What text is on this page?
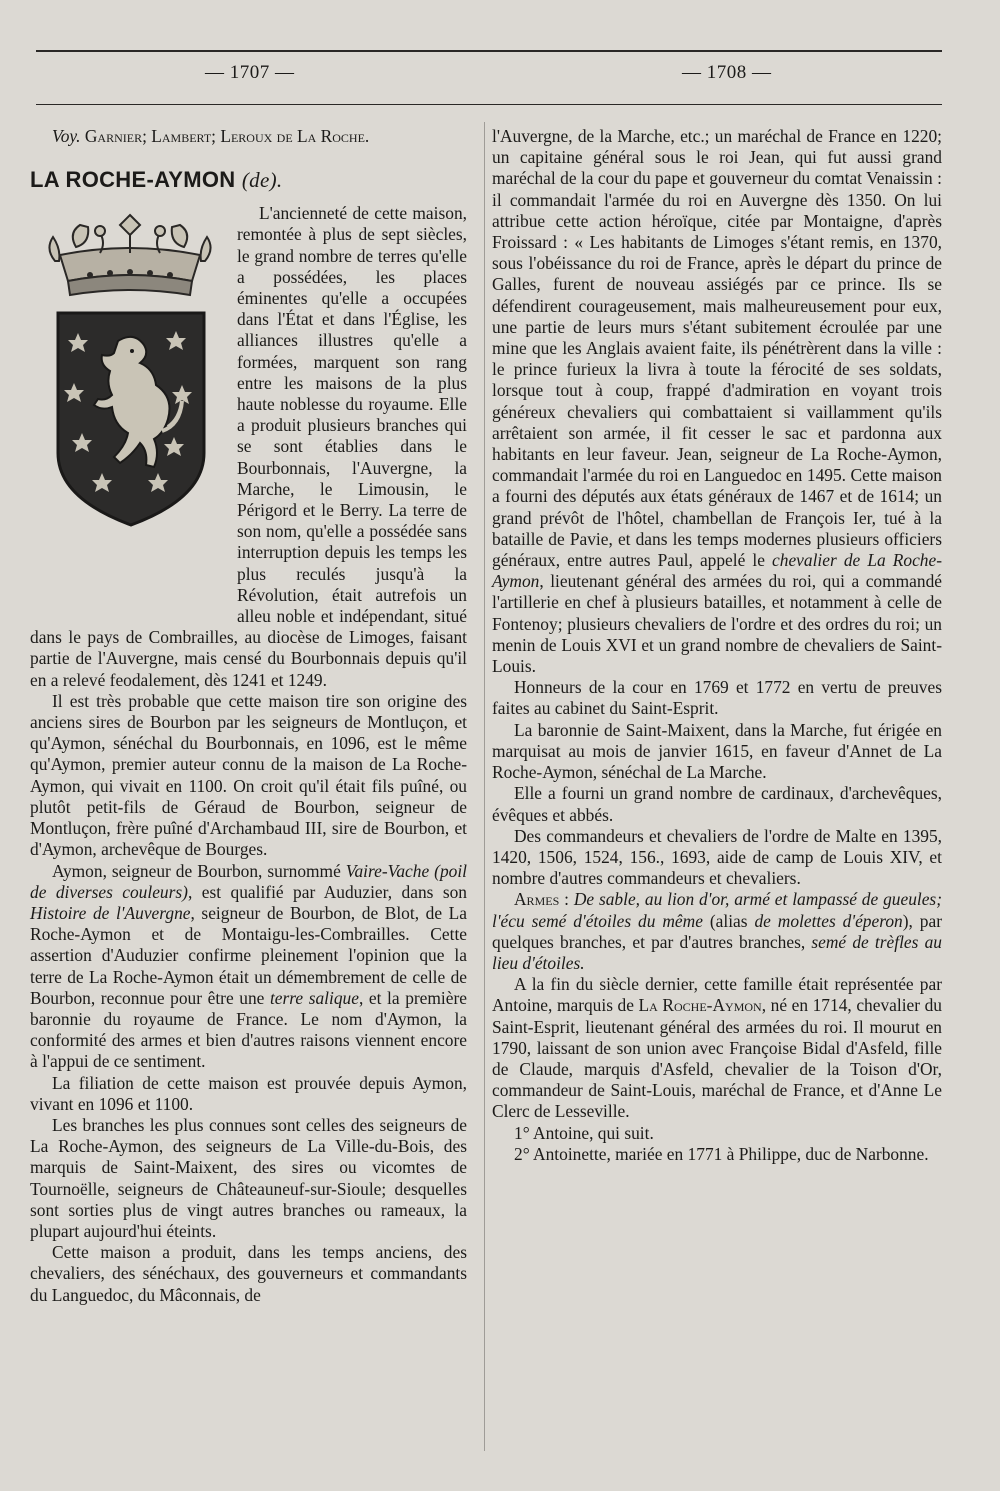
— 1707 —	— 1708 —

Voy. Garnier; Lambert; Leroux de La Roche.

LA ROCHE-AYMON (de).

L'ancienneté de cette maison, remontée à plus de sept siècles, le grand nombre de terres qu'elle a possédées, les places éminentes qu'elle a occupées dans l'État et dans l'Église, les alliances illustres qu'elle a formées, marquent son rang entre les maisons de la plus haute noblesse du royaume. Elle a produit plusieurs branches qui se sont établies dans le Bourbonnais, l'Auvergne, la Marche, le Limousin, le Périgord et le Berry. La terre de son nom, qu'elle a possédée sans interruption depuis les temps les plus reculés jusqu'à la Révolution, était autrefois un alleu noble et indépendant, situé dans le pays de Combrailles, au diocèse de Limoges, faisant partie de l'Auvergne, mais censé du Bourbonnais depuis qu'il en a relevé feodalement, dès 1241 et 1249.

Il est très probable que cette maison tire son origine des anciens sires de Bourbon par les seigneurs de Montluçon, et qu'Aymon, sénéchal du Bourbonnais, en 1096, est le même qu'Aymon, premier auteur connu de la maison de La Roche-Aymon, qui vivait en 1100. On croit qu'il était fils puîné, ou plutôt petit-fils de Géraud de Bourbon, seigneur de Montluçon, frère puîné d'Archambaud III, sire de Bourbon, et d'Aymon, archevêque de Bourges.

Aymon, seigneur de Bourbon, surnommé Vaire-Vache (poil de diverses couleurs), est qualifié par Auduzier, dans son Histoire de l'Auvergne, seigneur de Bourbon, de Blot, de La Roche-Aymon et de Montaigu-les-Combrailles. Cette assertion d'Auduzier confirme pleinement l'opinion que la terre de La Roche-Aymon était un démembrement de celle de Bourbon, reconnue pour être une terre salique, et la première baronnie du royaume de France. Le nom d'Aymon, la conformité des armes et bien d'autres raisons viennent encore à l'appui de ce sentiment.

La filiation de cette maison est prouvée depuis Aymon, vivant en 1096 et 1100.

Les branches les plus connues sont celles des seigneurs de La Roche-Aymon, des seigneurs de La Ville-du-Bois, des marquis de Saint-Maixent, des sires ou vicomtes de Tournoëlle, seigneurs de Châteauneuf-sur-Sioule; desquelles sont sorties plus de vingt autres branches ou rameaux, la plupart aujourd'hui éteints.

Cette maison a produit, dans les temps anciens, des chevaliers, des sénéchaux, des gouverneurs et commandants du Languedoc, du Mâconnais, de

l'Auvergne, de la Marche, etc.; un maréchal de France en 1220; un capitaine général sous le roi Jean, qui fut aussi grand maréchal de la cour du pape et gouverneur du comtat Venaissin : il commandait l'armée du roi en Auvergne dès 1350. On lui attribue cette action héroïque, citée par Montaigne, d'après Froissard : « Les habitants de Limoges s'étant remis, en 1370, sous l'obéissance du roi de France, après le départ du prince de Galles, furent de nouveau assiégés par ce prince. Ils se défendirent courageusement, mais malheureusement pour eux, une partie de leurs murs s'étant subitement écroulée par une mine que les Anglais avaient faite, ils pénétrèrent dans la ville : le prince furieux la livra à toute la férocité de ses soldats, lorsque tout à coup, frappé d'admiration en voyant trois généreux chevaliers qui combattaient si vaillamment qu'ils arrêtaient son armée, il fit cesser le sac et pardonna aux habitants en leur faveur. Jean, seigneur de La Roche-Aymon, commandait l'armée du roi en Languedoc en 1495. Cette maison a fourni des députés aux états généraux de 1467 et de 1614; un grand prévôt de l'hôtel, chambellan de François Ier, tué à la bataille de Pavie, et dans les temps modernes plusieurs officiers généraux, entre autres Paul, appelé le chevalier de La Roche-Aymon, lieutenant général des armées du roi, qui a commandé l'artillerie en chef à plusieurs batailles, et notamment à celle de Fontenoy; plusieurs chevaliers de l'ordre et des ordres du roi; un menin de Louis XVI et un grand nombre de chevaliers de Saint-Louis.

Honneurs de la cour en 1769 et 1772 en vertu de preuves faites au cabinet du Saint-Esprit.

La baronnie de Saint-Maixent, dans la Marche, fut érigée en marquisat au mois de janvier 1615, en faveur d'Annet de La Roche-Aymon, sénéchal de La Marche.

Elle a fourni un grand nombre de cardinaux, d'archevêques, évêques et abbés.

Des commandeurs et chevaliers de l'ordre de Malte en 1395, 1420, 1506, 1524, 156., 1693, aide de camp de Louis XIV, et nombre d'autres commandeurs et chevaliers.

Armes : De sable, au lion d'or, armé et lampassé de gueules; l'écu semé d'étoiles du même (alias de molettes d'éperon), par quelques branches, et par d'autres branches, semé de trèfles au lieu d'étoiles.

A la fin du siècle dernier, cette famille était représentée par Antoine, marquis de La Roche-Aymon, né en 1714, chevalier du Saint-Esprit, lieutenant général des armées du roi. Il mourut en 1790, laissant de son union avec Françoise Bidal d'Asfeld, fille de Claude, marquis d'Asfeld, chevalier de la Toison d'Or, commandeur de Saint-Louis, maréchal de France, et d'Anne Le Clerc de Lesseville.

1° Antoine, qui suit.

2° Antoinette, mariée en 1771 à Philippe, duc de Narbonne.
